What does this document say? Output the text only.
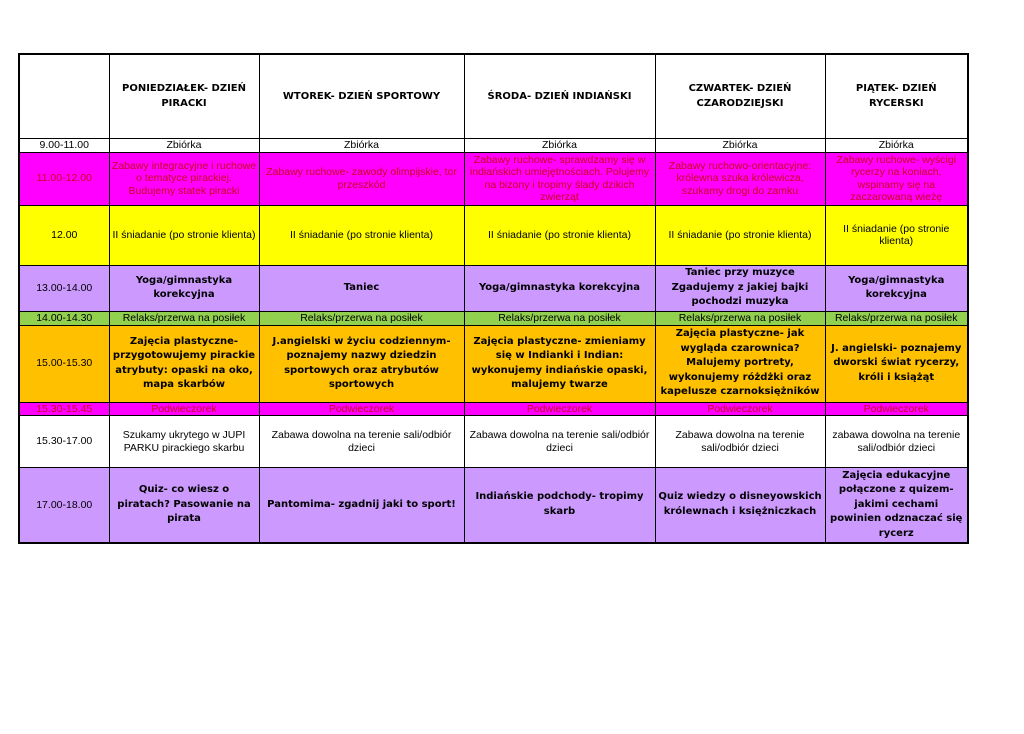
	PONIEDZIAŁEK- DZIEŃ PIRACKI	WTOREK- DZIEŃ SPORTOWY	ŚRODA- DZIEŃ INDIAŃSKI	CZWARTEK- DZIEŃ CZARODZIEJSKI	PIĄTEK- DZIEŃ RYCERSKI
9.00-11.00	Zbiórka	Zbiórka	Zbiórka	Zbiórka	Zbiórka
11.00-12.00	Zabawy integracyjne i ruchowe o tematyce pirackiej. Budujemy statek piracki	Zabawy ruchowe- zawody olimpijskie, tor przeszkód	Zabawy ruchowe- sprawdzamy się w indiańskich umiejętnościach. Polujemy na bizony i tropimy ślady dzikich zwierząt	Zabawy ruchowo-orientacyjne: królewna szuka królewicza, szukamy drogi do zamku	Zabawy ruchowe- wyścigi rycerzy na koniach, wspinamy się na zaczarowaną wieżę
12.00	II śniadanie (po stronie klienta)	II śniadanie (po stronie klienta)	II śniadanie (po stronie klienta)	II śniadanie (po stronie klienta)	II śniadanie (po stronie klienta)
13.00-14.00	Yoga/gimnastyka korekcyjna	Taniec	Yoga/gimnastyka korekcyjna	Taniec przy muzyce Zgadujemy z jakiej bajki pochodzi muzyka	Yoga/gimnastyka korekcyjna
14.00-14.30	Relaks/przerwa na posiłek	Relaks/przerwa na posiłek	Relaks/przerwa na posiłek	Relaks/przerwa na posiłek	Relaks/przerwa na posiłek
15.00-15.30	Zajęcia plastyczne- przygotowujemy pirackie atrybuty: opaski na oko, mapa skarbów	J.angielski w życiu codziennym- poznajemy nazwy dziedzin sportowych oraz atrybutów sportowych	Zajęcia plastyczne- zmieniamy się w Indianki i Indian: wykonujemy indiańskie opaski, malujemy twarze	Zajęcia plastyczne- jak wygląda czarownica? Malujemy portrety, wykonujemy różdżki oraz kapelusze czarnoksiężników	J. angielski- poznajemy dworski świat rycerzy, króli i książąt
15.30-15.45	Podwieczorek	Podwieczorek	Podwieczorek	Podwieczorek	Podwieczorek
15.30-17.00	Szukamy ukrytego w JUPI PARKU pirackiego skarbu	Zabawa dowolna na terenie sali/odbiór dzieci	Zabawa dowolna na terenie sali/odbiór dzieci	Zabawa dowolna na terenie sali/odbiór dzieci	zabawa dowolna na terenie sali/odbiór dzieci
17.00-18.00	Quiz- co wiesz o piratach? Pasowanie na pirata	Pantomima- zgadnij jaki to sport!	Indiańskie podchody- tropimy skarb	Quiz wiedzy o disneyowskich królewnach i księżniczkach	Zajęcia edukacyjne połączone z quizem- jakimi cechami powinien odznaczać się rycerz
